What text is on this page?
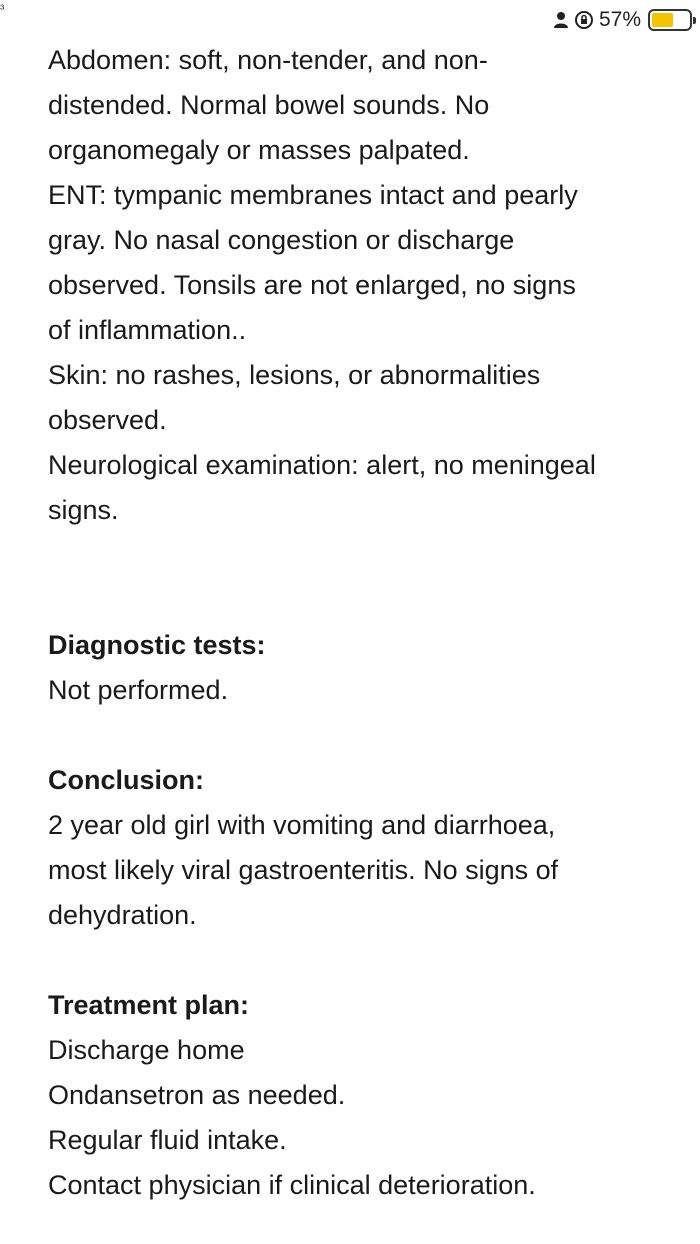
ᶟ	57%
Abdomen: soft, non-tender, and non-
distended. Normal bowel sounds. No
organomegaly or masses palpated.
ENT: tympanic membranes intact and pearly
gray. No nasal congestion or discharge
observed. Tonsils are not enlarged, no signs
of inflammation..
Skin: no rashes, lesions, or abnormalities
observed.
Neurological examination: alert, no meningeal
signs.
Diagnostic tests:
Not performed.
Conclusion:
2 year old girl with vomiting and diarrhoea,
most likely viral gastroenteritis. No signs of
dehydration.
Treatment plan:
Discharge home
Ondansetron as needed.
Regular fluid intake.
Contact physician if clinical deterioration.
